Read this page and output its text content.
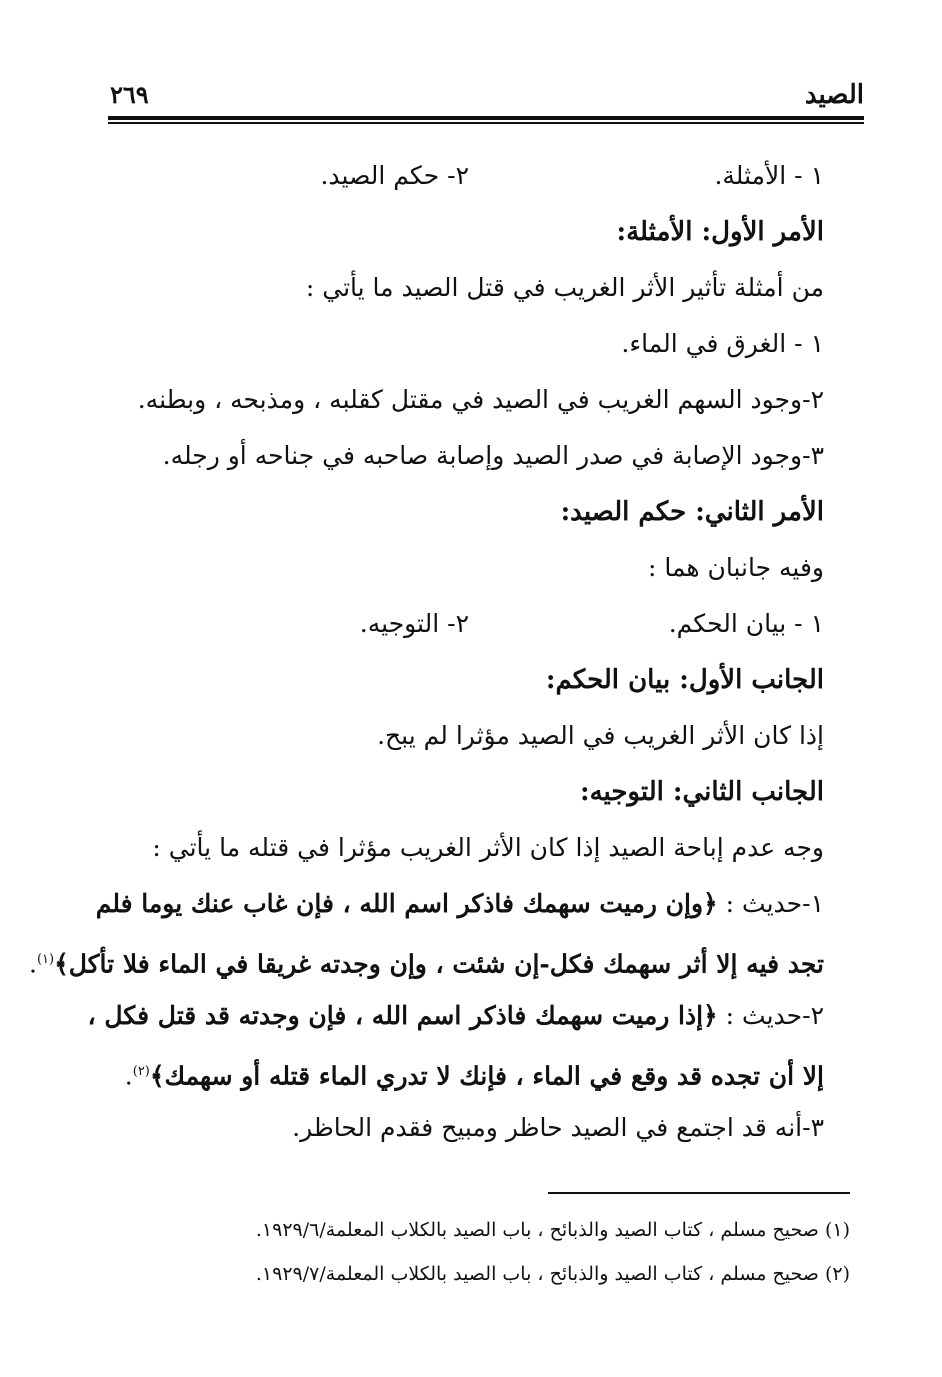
الصيد
٢٦٩
١ - الأمثلة.
٢- حكم الصيد.
الأمر الأول: الأمثلة:
من أمثلة تأثير الأثر الغريب في قتل الصيد ما يأتي :
١ - الغرق في الماء.
٢-وجود السهم الغريب في الصيد في مقتل كقلبه ، ومذبحه ، وبطنه.
٣-وجود الإصابة في صدر الصيد وإصابة صاحبه في جناحه أو رجله.
الأمر الثاني: حكم الصيد:
وفيه جانبان هما :
١ - بيان الحكم.
٢- التوجيه.
الجانب الأول: بيان الحكم:
إذا كان الأثر الغريب في الصيد مؤثرا لم يبح.
الجانب الثاني: التوجيه:
وجه عدم إباحة الصيد إذا كان الأثر الغريب مؤثرا في قتله ما يأتي :
١-حديث : ﴿وإن رميت سهمك فاذكر اسم الله ، فإن غاب عنك يوما فلم
تجد فيه إلا أثر سهمك فكل-إن شئت ، وإن وجدته غريقا في الماء فلا تأكل﴾$^{(١)}$.
٢-حديث : ﴿إذا رميت سهمك فاذكر اسم الله ، فإن وجدته قد قتل فكل ،
إلا أن تجده قد وقع في الماء ، فإنك لا تدري الماء قتله أو سهمك﴾$^{(٢)}$.
٣-أنه قد اجتمع في الصيد حاظر ومبيح فقدم الحاظر.
(١) صحيح مسلم ، كتاب الصيد والذبائح ، باب الصيد بالكلاب المعلمة/١٩٢٩/٦.
(٢) صحيح مسلم ، كتاب الصيد والذبائح ، باب الصيد بالكلاب المعلمة/١٩٢٩/٧.
